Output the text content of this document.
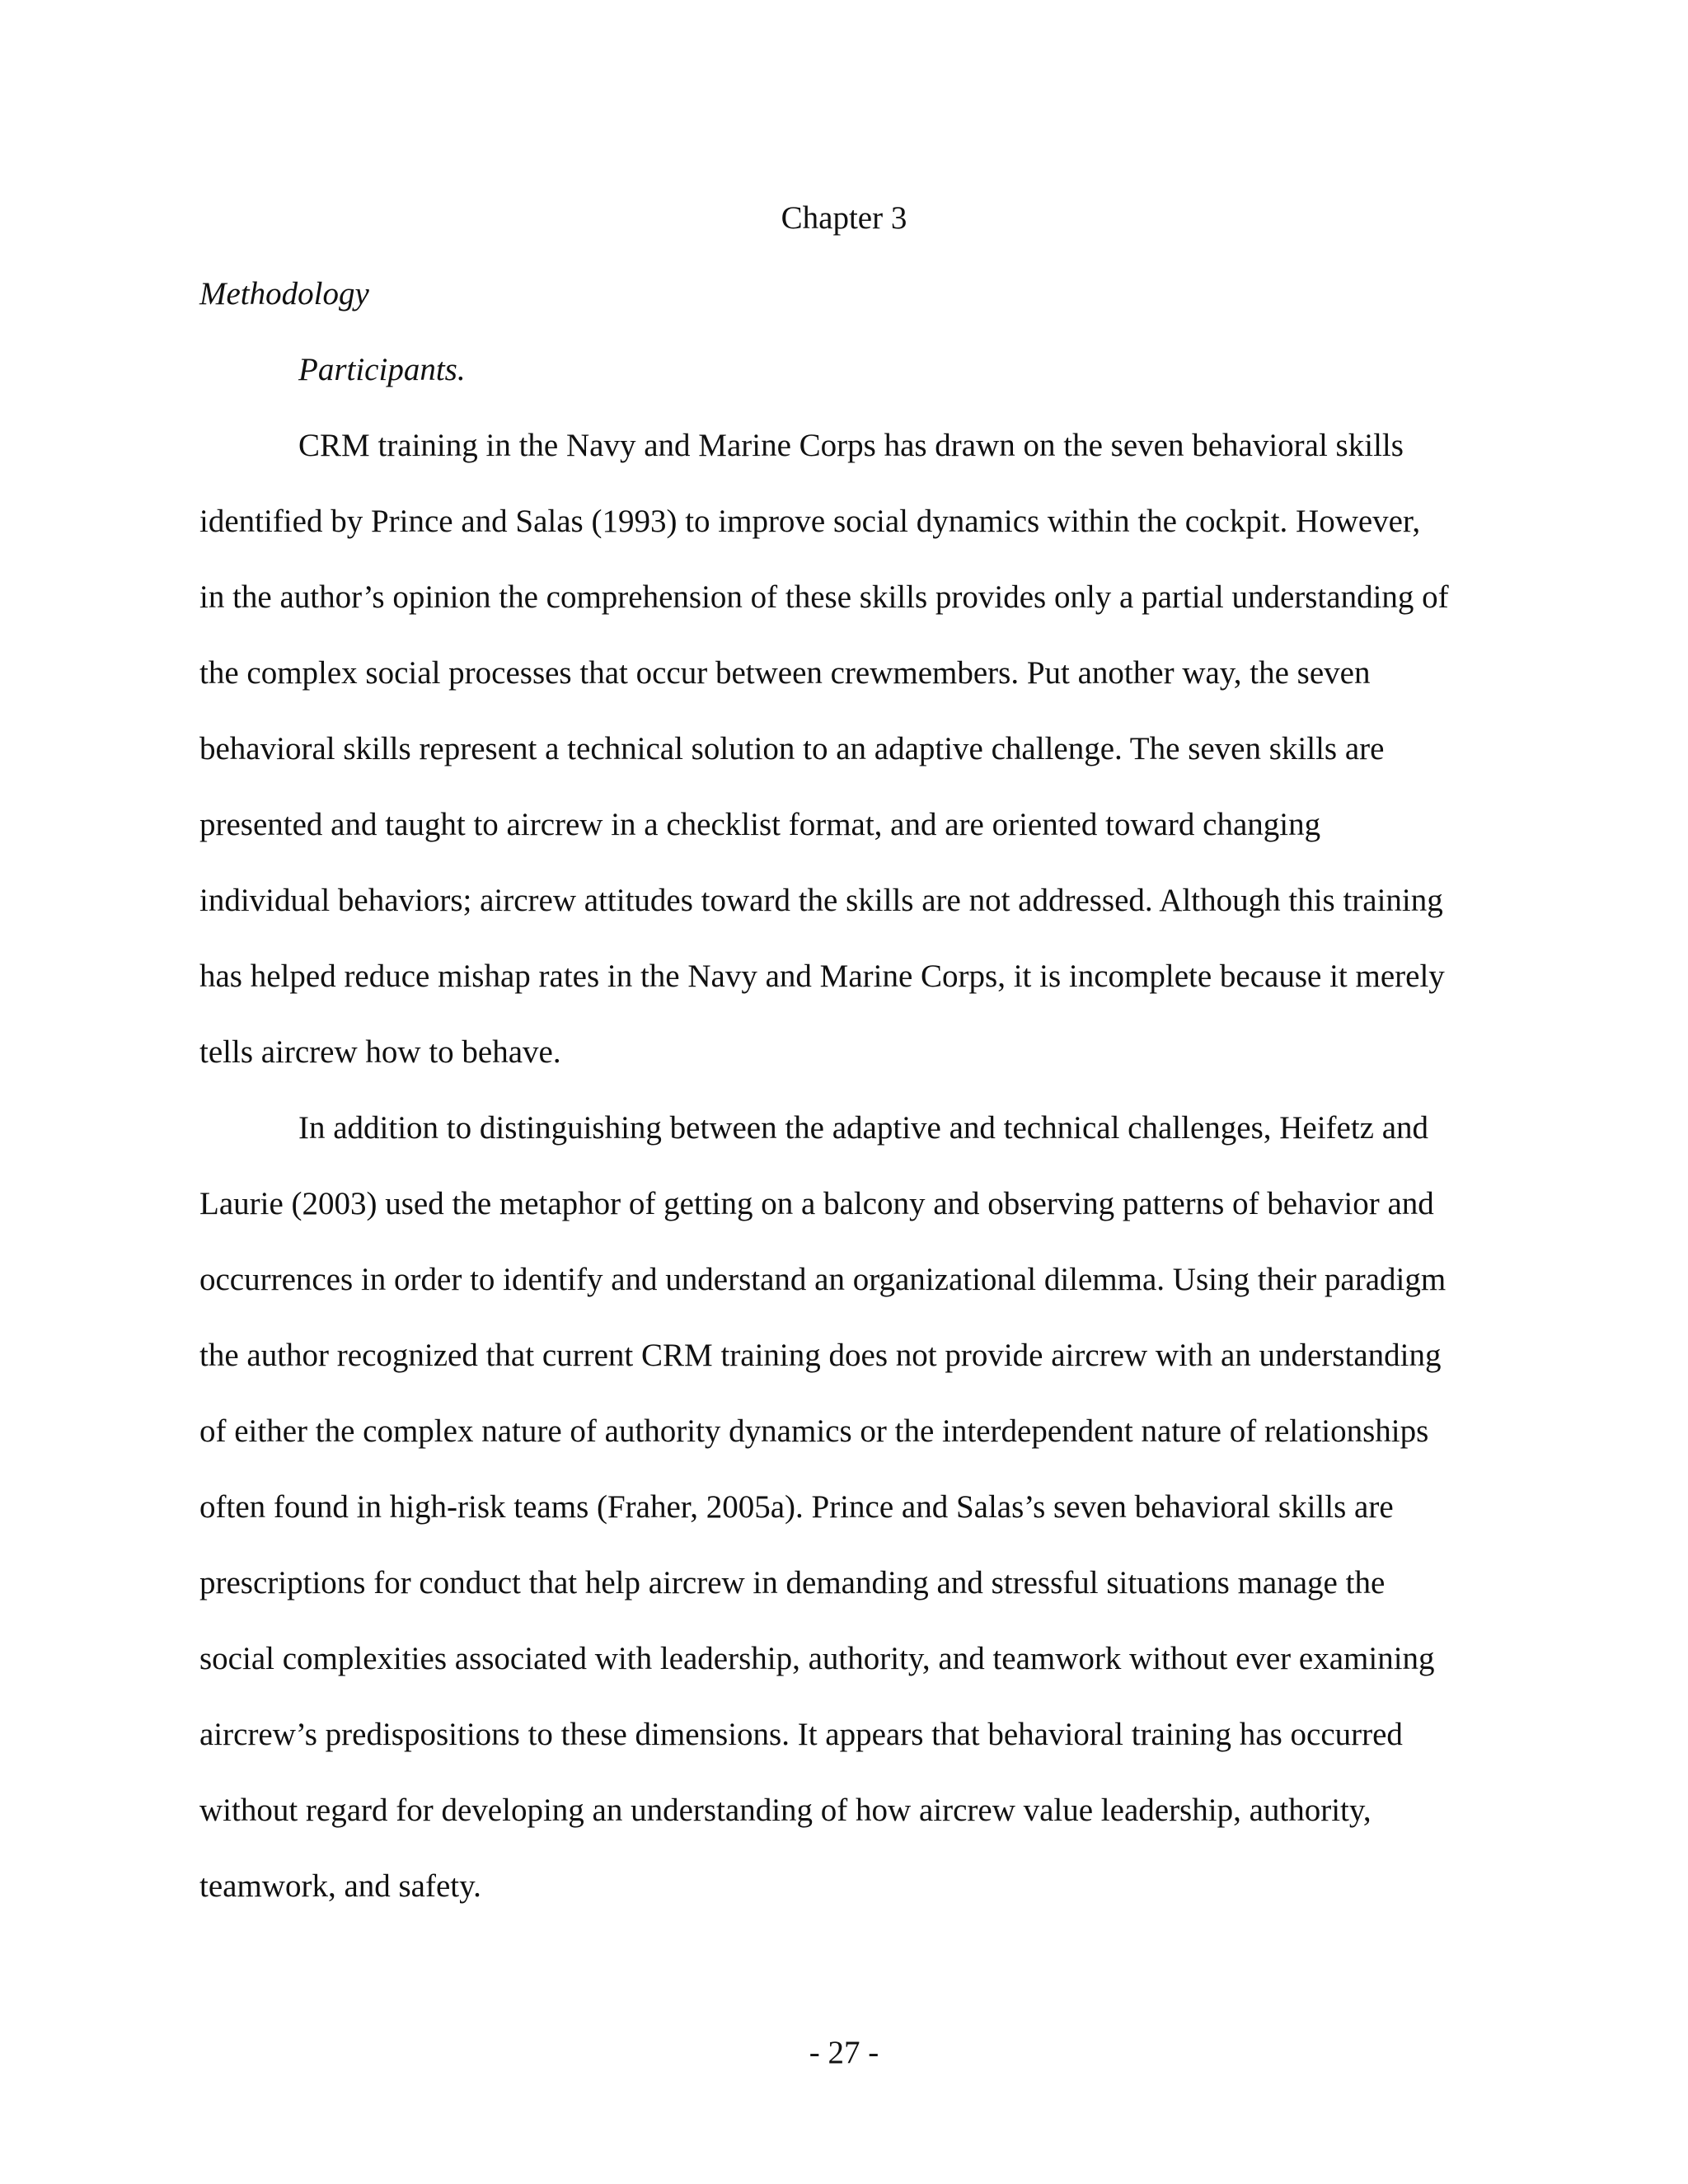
Chapter 3
Methodology
Participants.
CRM training in the Navy and Marine Corps has drawn on the seven behavioral skills
identified by Prince and Salas (1993) to improve social dynamics within the cockpit. However,
in the author’s opinion the comprehension of these skills provides only a partial understanding of
the complex social processes that occur between crewmembers. Put another way, the seven
behavioral skills represent a technical solution to an adaptive challenge. The seven skills are
presented and taught to aircrew in a checklist format, and are oriented toward changing
individual behaviors; aircrew attitudes toward the skills are not addressed. Although this training
has helped reduce mishap rates in the Navy and Marine Corps, it is incomplete because it merely
tells aircrew how to behave.
In addition to distinguishing between the adaptive and technical challenges, Heifetz and
Laurie (2003) used the metaphor of getting on a balcony and observing patterns of behavior and
occurrences in order to identify and understand an organizational dilemma. Using their paradigm
the author recognized that current CRM training does not provide aircrew with an understanding
of either the complex nature of authority dynamics or the interdependent nature of relationships
often found in high-risk teams (Fraher, 2005a). Prince and Salas’s seven behavioral skills are
prescriptions for conduct that help aircrew in demanding and stressful situations manage the
social complexities associated with leadership, authority, and teamwork without ever examining
aircrew’s predispositions to these dimensions. It appears that behavioral training has occurred
without regard for developing an understanding of how aircrew value leadership, authority,
teamwork, and safety.
- 27 -
